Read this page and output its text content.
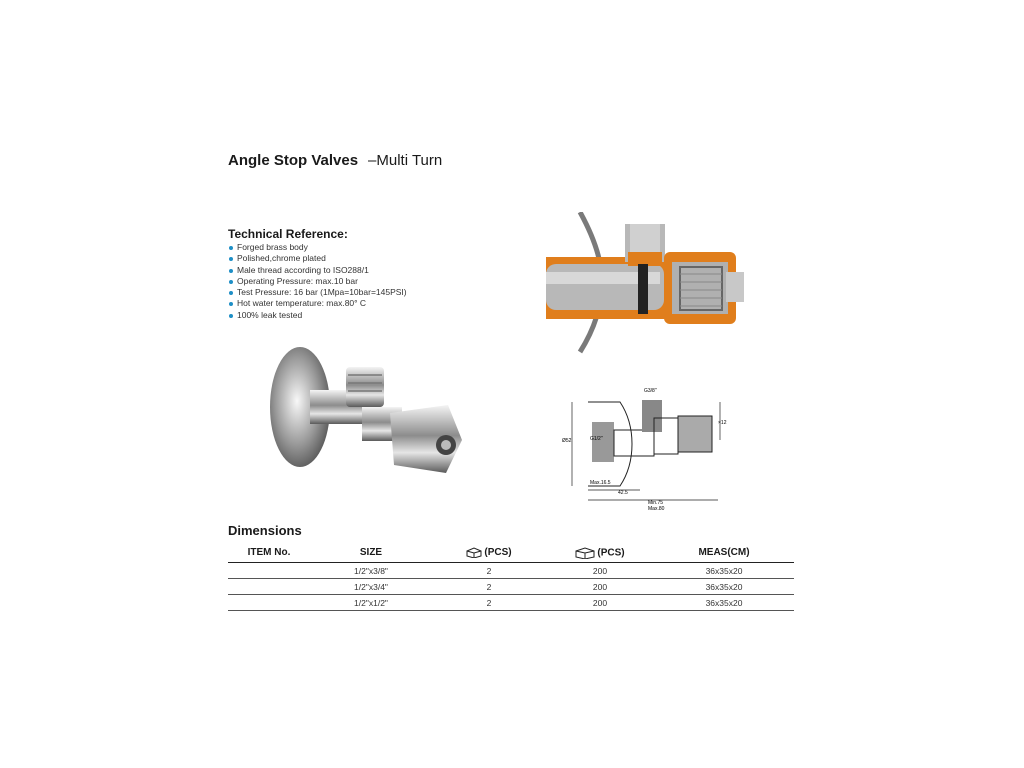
Angle Stop Valves –Multi Turn
Technical Reference:
Forged brass body
Polished,chrome plated
Male thread according to ISO288/1
Operating Pressure: max.10 bar
Test Pressure: 16 bar (1Mpa=10bar=145PSI)
Hot water temperature: max.80° C
100% leak tested
G3/8"
G1/2"
Ø52
Max.16.5
42.5
Min.75
Max.80
×12
Dimensions
ITEM No.	SIZE	(PCS)	(PCS)	MEAS(CM)
	1/2"x3/8"	2	200	36x35x20
	1/2"x3/4"	2	200	36x35x20
	1/2"x1/2"	2	200	36x35x20
